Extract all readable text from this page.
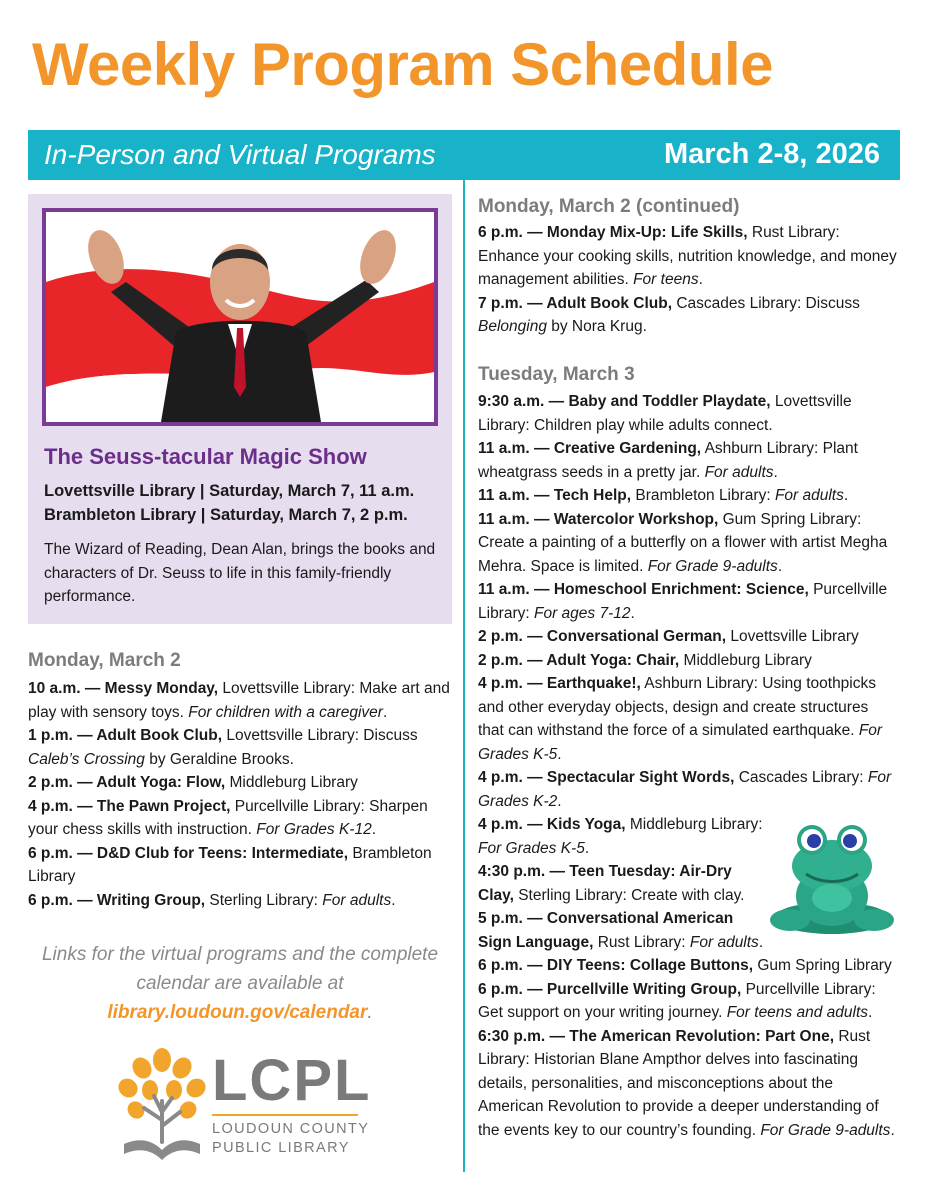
Weekly Program Schedule
In-Person and Virtual Programs	March 2-8, 2026
The Seuss-tacular Magic Show
Lovettsville Library | Saturday, March 7, 11 a.m.
Brambleton Library | Saturday, March 7, 2 p.m.
The Wizard of Reading, Dean Alan, brings the books and characters of Dr. Seuss to life in this family-friendly performance.
Monday, March 2

10 a.m. — Messy Monday, Lovettsville Library: Make art and play with sensory toys. For children with a caregiver.

1 p.m. — Adult Book Club, Lovettsville Library: Discuss Caleb’s Crossing by Geraldine Brooks.

2 p.m. — Adult Yoga: Flow, Middleburg Library

4 p.m. — The Pawn Project, Purcellville Library: Sharpen your chess skills with instruction. For Grades K-12.

6 p.m. — D&D Club for Teens: Intermediate, Brambleton Library

6 p.m. — Writing Group, Sterling Library: For adults.

Links for the virtual programs and the complete calendar are available at library.loudoun.gov/calendar.
LCPL
LOUDOUN COUNTY
PUBLIC LIBRARY
Monday, March 2 (continued)

6 p.m. — Monday Mix-Up: Life Skills, Rust Library: Enhance your cooking skills, nutrition knowledge, and money management abilities. For teens.

7 p.m. — Adult Book Club, Cascades Library: Discuss Belonging by Nora Krug.

Tuesday, March 3

9:30 a.m. — Baby and Toddler Playdate, Lovettsville Library: Children play while adults connect.

11 a.m. — Creative Gardening, Ashburn Library: Plant wheatgrass seeds in a pretty jar. For adults.

11 a.m. — Tech Help, Brambleton Library: For adults.

11 a.m. — Watercolor Workshop, Gum Spring Library: Create a painting of a butterfly on a flower with artist Megha Mehra. Space is limited. For Grade 9-adults.

11 a.m. — Homeschool Enrichment: Science, Purcellville Library: For ages 7-12.

2 p.m. — Conversational German, Lovettsville Library

2 p.m. — Adult Yoga: Chair, Middleburg Library

4 p.m. — Earthquake!, Ashburn Library: Using toothpicks and other everyday objects, design and create structures that can withstand the force of a simulated earthquake. For Grades K-5.

4 p.m. — Spectacular Sight Words, Cascades Library: For Grades K-2.

4 p.m. — Kids Yoga, Middleburg Library: For Grades K-5.

4:30 p.m. — Teen Tuesday: Air-Dry Clay, Sterling Library: Create with clay.

5 p.m. — Conversational American Sign Language, Rust Library: For adults.

6 p.m. — DIY Teens: Collage Buttons, Gum Spring Library

6 p.m. — Purcellville Writing Group, Purcellville Library: Get support on your writing journey. For teens and adults.

6:30 p.m. — The American Revolution: Part One, Rust Library: Historian Blane Ampthor delves into fascinating details, personalities, and misconceptions about the American Revolution to provide a deeper understanding of the events key to our country’s founding. For Grade 9-adults.
